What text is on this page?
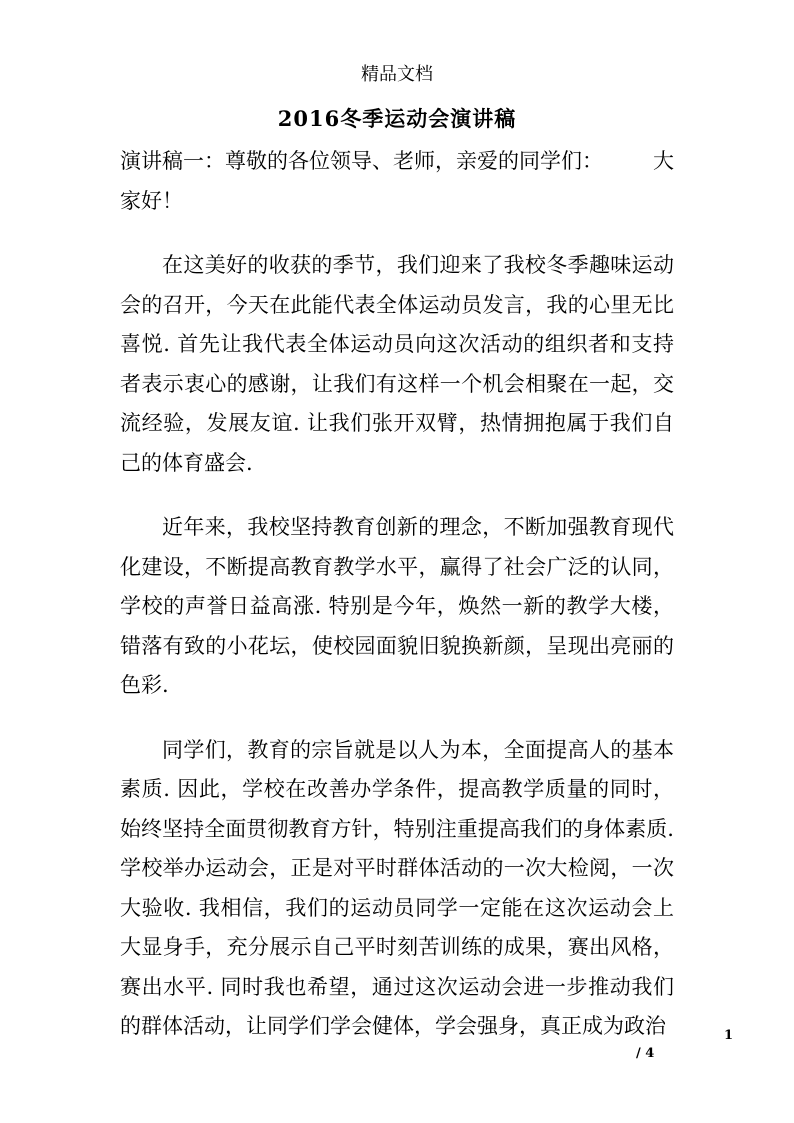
精品文档
2016冬季运动会演讲稿

演讲稿一：尊敬的各位领导、老师，亲爱的同学们： 大

家好！

在这美好的收获的季节，我们迎来了我校冬季趣味运动会的召开，今天在此能代表全体运动员发言，我的心里无比喜悦. 首先让我代表全体运动员向这次活动的组织者和支持者表示衷心的感谢，让我们有这样一个机会相聚在一起，交流经验，发展友谊. 让我们张开双臂，热情拥抱属于我们自己的体育盛会.

近年来，我校坚持教育创新的理念，不断加强教育现代化建设，不断提高教育教学水平，赢得了社会广泛的认同，学校的声誉日益高涨. 特别是今年，焕然一新的教学大楼，错落有致的小花坛，使校园面貌旧貌换新颜，呈现出亮丽的色彩.

同学们，教育的宗旨就是以人为本，全面提高人的基本素质. 因此，学校在改善办学条件，提高教学质量的同时，始终坚持全面贯彻教育方针，特别注重提高我们的身体素质. 学校举办运动会，正是对平时群体活动的一次大检阅，一次大验收. 我相信，我们的运动员同学一定能在这次运动会上大显身手，充分展示自己平时刻苦训练的成果，赛出风格，赛出水平. 同时我也希望，通过这次运动会进一步推动我们的群体活动，让同学们学会健体，学会强身，真正成为政治	1
/ 4
